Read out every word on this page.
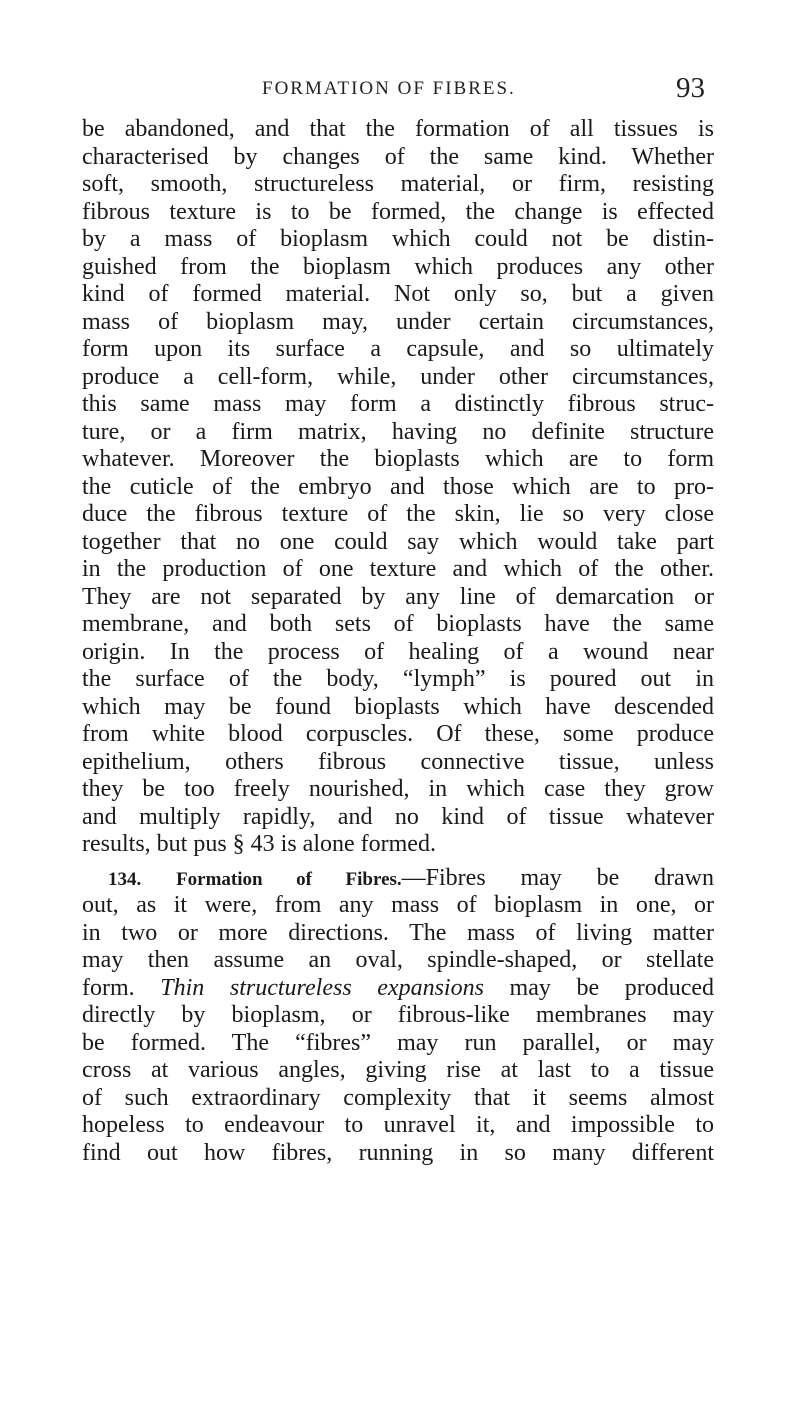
FORMATION OF FIBRES.	93
be abandoned, and that the formation of all tissues is
characterised by changes of the same kind. Whether
soft, smooth, structureless material, or firm, resisting
fibrous texture is to be formed, the change is effected
by a mass of bioplasm which could not be distin-
guished from the bioplasm which produces any other
kind of formed material. Not only so, but a given
mass of bioplasm may, under certain circumstances,
form upon its surface a capsule, and so ultimately
produce a cell-form, while, under other circumstances,
this same mass may form a distinctly fibrous struc-
ture, or a firm matrix, having no definite structure
whatever. Moreover the bioplasts which are to form
the cuticle of the embryo and those which are to pro-
duce the fibrous texture of the skin, lie so very close
together that no one could say which would take part
in the production of one texture and which of the other.
They are not separated by any line of demarcation or
membrane, and both sets of bioplasts have the same
origin. In the process of healing of a wound near
the surface of the body, “lymph” is poured out in
which may be found bioplasts which have descended
from white blood corpuscles. Of these, some produce
epithelium, others fibrous connective tissue, unless
they be too freely nourished, in which case they grow
and multiply rapidly, and no kind of tissue whatever
results, but pus § 43 is alone formed.
134. Formation of Fibres.—Fibres may be drawn
out, as it were, from any mass of bioplasm in one, or
in two or more directions. The mass of living matter
may then assume an oval, spindle-shaped, or stellate
form. Thin structureless expansions may be produced
directly by bioplasm, or fibrous-like membranes may
be formed. The “fibres” may run parallel, or may
cross at various angles, giving rise at last to a tissue
of such extraordinary complexity that it seems almost
hopeless to endeavour to unravel it, and impossible to
find out how fibres, running in so many different
